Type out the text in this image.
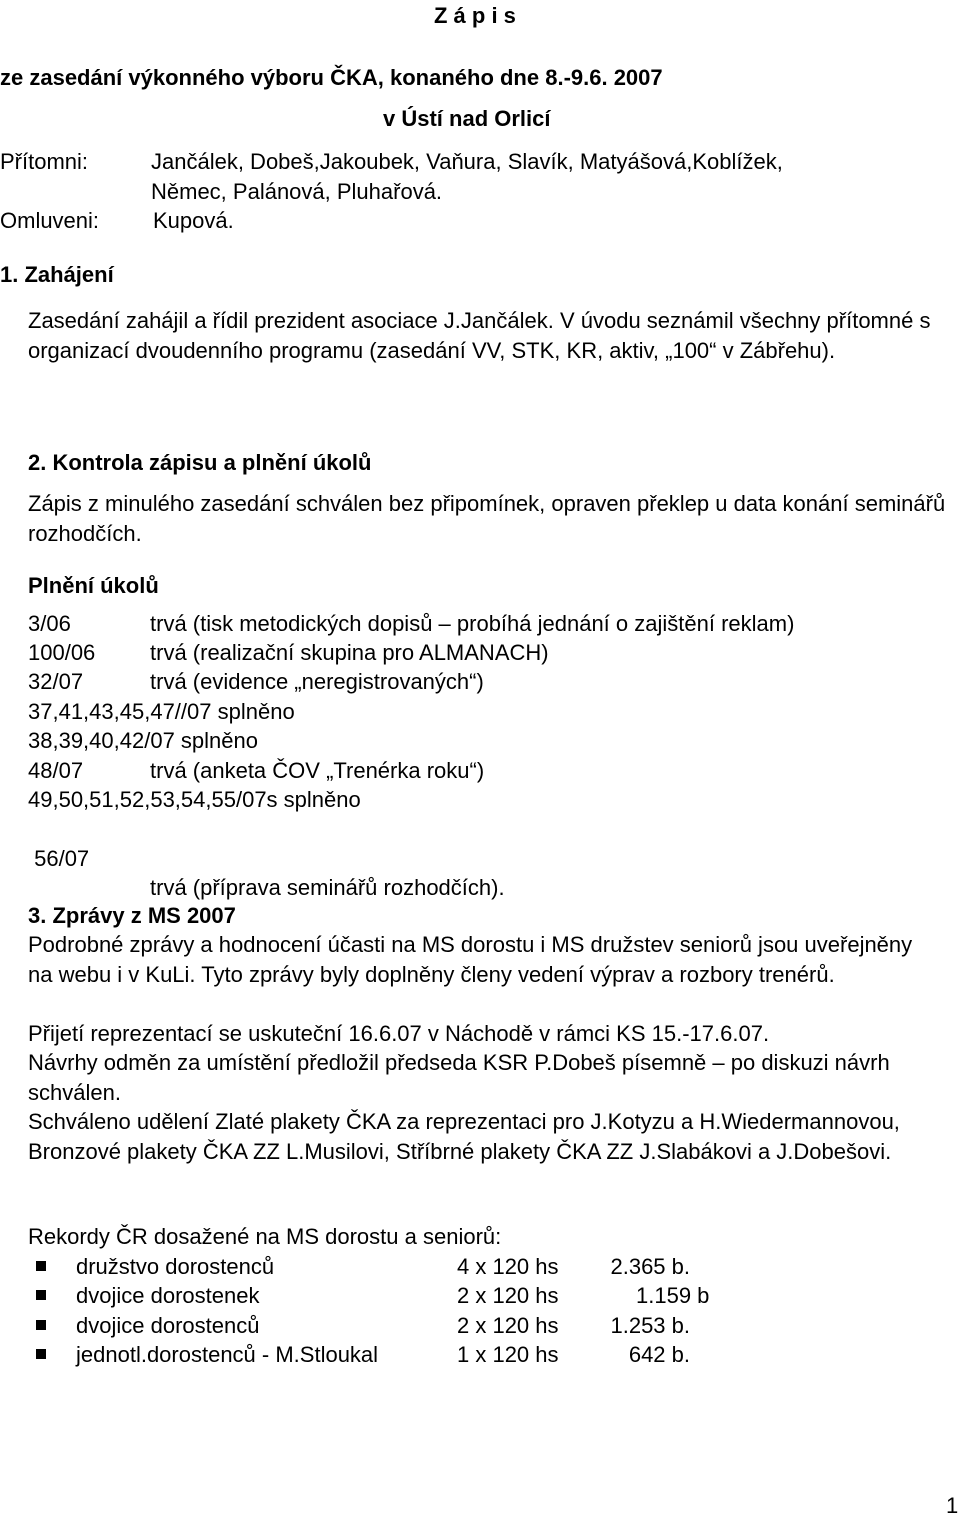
Z á p i s
ze zasedání výkonného výboru ČKA, konaného dne 8.-9.6. 2007
v Ústí nad Orlicí
Přítomni:	Jančálek, Dobeš,Jakoubek, Vaňura, Slavík, Matyášová,Koblížek,
Němec, Palánová, Pluhařová.
Omluveni: Kupová.
1. Zahájení
Zasedání zahájil a řídil prezident asociace J.Jančálek. V úvodu seznámil všechny přítomné s organizací dvoudenního programu (zasedání VV, STK, KR, aktiv, „100“ v Zábřehu).
2. Kontrola zápisu a plnění úkolů
Zápis z minulého zasedání schválen bez připomínek, opraven překlep u data konání seminářů rozhodčích.
Plnění úkolů
3/06	trvá (tisk metodických dopisů – probíhá jednání o zajištění reklam)
100/06 trvá (realizační skupina pro ALMANACH)
32/07	trvá (evidence „neregistrovaných“)
37,41,43,45,47//07 splněno
38,39,40,42/07 splněno
48/07	trvá (anketa ČOV „Trenérka roku“)
49,50,51,52,53,54,55/07s splněno

56/07

trvá (příprava seminářů rozhodčích).

3. Zprávy z MS 2007
Podrobné zprávy a hodnocení účasti na MS dorostu i MS družstev seniorů jsou uveřejněny na webu i v KuLi. Tyto zprávy byly doplněny členy vedení výprav a rozbory trenérů.
Přijetí reprezentací se uskuteční 16.6.07 v Náchodě v rámci KS 15.-17.6.07.
Návrhy odměn za umístění předložil předseda KSR P.Dobeš písemně – po diskuzi návrh schválen.
Schváleno udělení Zlaté plakety ČKA za reprezentaci pro J.Kotyzu a H.Wiedermannovou, Bronzové plakety ČKA ZZ L.Musilovi, Stříbrné plakety ČKA ZZ J.Slabákovi a J.Dobešovi.
Rekordy ČR dosažené na MS dorostu a seniorů:
družstvo dorostenců	4 x 120 hs	2.365 b.
dvojice dorostenek	2 x 120 hs	1.159 b
dvojice dorostenců	2 x 120 hs	1.253 b.
jednotl.dorostenců - M.Stloukal	1 x 120 hs	642 b.
1
